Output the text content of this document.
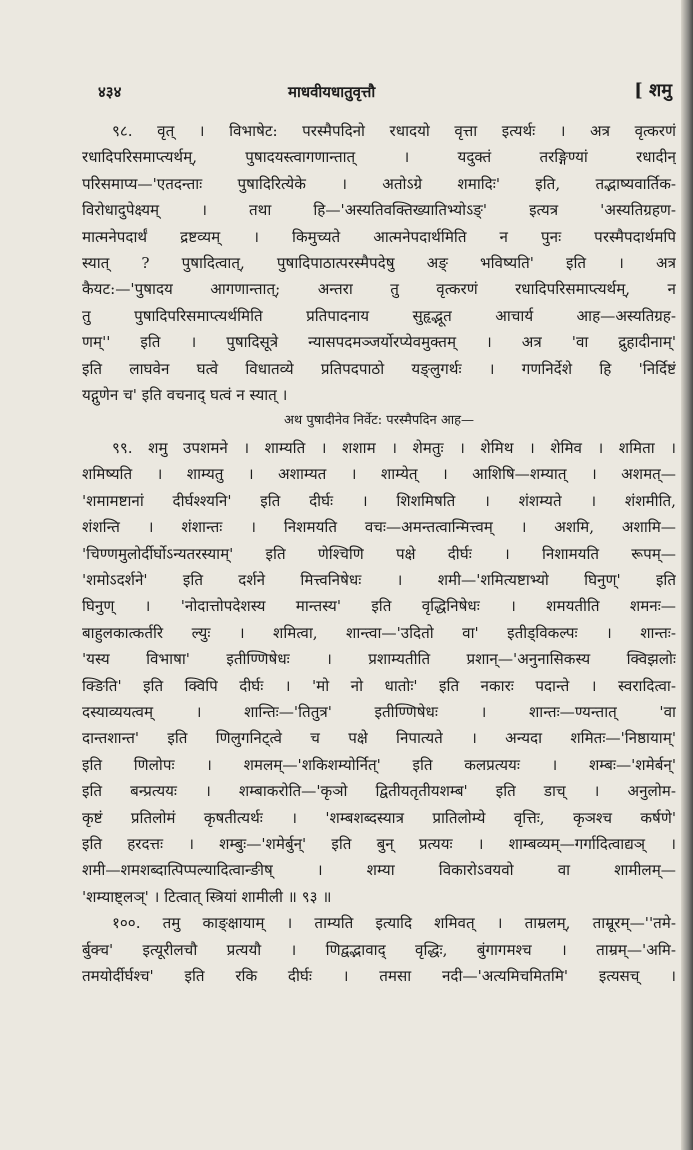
४३४	माधवीयधातुवृत्तौ	[ शमु
९८. वृत् । विभाषेट: परस्मैपदिनो रधादयो वृत्ता इत्यर्थः । अत्र वृत्करणं
रधादिपरिसमाप्त्यर्थम्, पुषादयस्त्वागणान्तात् । यदुक्तं तरङ्गिण्यां रधादीन्
परिसमाप्य—'एतदन्ताः पुषादिरित्येके । अतोऽग्रे शमादिः' इति, तद्भाष्यवार्तिक-
विरोधादुपेक्ष्यम् । तथा हि—'अस्यतिवक्तिख्यातिभ्योऽङ्' इत्यत्र 'अस्यतिग्रहण-
मात्मनेपदार्थं द्रष्टव्यम् । किमुच्यते आत्मनेपदार्थमिति न पुनः परस्मैपदार्थमपि
स्यात् ? पुषादित्वात्, पुषादिपाठात्परस्मैपदेषु अङ् भविष्यति' इति । अत्र
कैयट:—'पुषादय आगणान्तात्; अन्तरा तु वृत्करणं रधादिपरिसमाप्त्यर्थम्, न
तु पुषादिपरिसमाप्त्यर्थमिति प्रतिपादनाय सुहृद्भूत आचार्य आह—अस्यतिग्रह-
णम्'' इति । पुषादिसूत्रे न्यासपदमञ्जर्योरप्येवमुक्तम् । अत्र 'वा द्रुहादीनाम्'
इति लाघवेन घत्वे विधातव्ये प्रतिपदपाठो यङ्लुगर्थः । गणनिर्देशे हि 'निर्दिष्टं
यद्गुणेन च' इति वचनाद् घत्वं न स्यात् ।
अथ पुषादीनेव निर्वेट: परस्मैपदिन आह—
९९. शमु उपशमने । शाम्यति । शशाम । शेमतुः । शेमिथ । शेमिव । शमिता ।
शमिष्यति । शाम्यतु । अशाम्यत । शाम्येत् । आशिषि—शम्यात् । अशमत्—
'शमामष्टानां दीर्घश्श्यनि' इति दीर्घः । शिशमिषति । शंशम्यते । शंशमीति,
शंशन्ति । शंशान्तः । निशमयति वचः—अमन्तत्वान्मित्त्वम् । अशमि, अशामि—
'चिण्णमुलोर्दीर्घोऽन्यतरस्याम्' इति णेश्चिणि पक्षे दीर्घः । निशामयति रूपम्—
'शमोऽदर्शने' इति दर्शने मित्त्वनिषेधः । शमी—'शमित्यष्टाभ्यो घिनुण्' इति
घिनुण् । 'नोदात्तोपदेशस्य मान्तस्य' इति वृद्धिनिषेधः । शमयतीति शमनः—
बाहुलकात्कर्तरि ल्युः । शमित्वा, शान्त्वा—'उदितो वा' इतीड्विकल्पः । शान्तः-
'यस्य विभाषा' इतीण्णिषेधः । प्रशाम्यतीति प्रशान्—'अनुनासिकस्य क्विझलोः
क्ङिति' इति क्विपि दीर्घः । 'मो नो धातोः' इति नकारः पदान्ते । स्वरादित्वा-
दस्याव्ययत्वम् । शान्तिः—'तितुत्र' इतीण्णिषेधः । शान्तः—ण्यन्तात् 'वा
दान्तशान्त' इति णिलुगनिट्त्वे च पक्षे निपात्यते । अन्यदा शमितः—'निष्ठायाम्'
इति णिलोपः । शमलम्—'शकिशम्योर्नित्' इति कलप्रत्ययः । शम्बः—'शमेर्बन्'
इति बन्प्रत्ययः । शम्बाकरोति—'कृञो द्वितीयतृतीयशम्ब' इति डाच् । अनुलोम-
कृष्टं प्रतिलोमं कृषतीत्यर्थः । 'शम्बशब्दस्यात्र प्रातिलोम्ये वृत्तिः, कृञश्च कर्षणे'
इति हरदत्तः । शम्बुः—'शमेर्बुन्' इति बुन् प्रत्ययः । शाम्बव्यम्—गर्गादित्वाद्यञ् ।
शमी—शमशब्दात्पिप्पल्यादित्वान्ङीष् । शम्या विकारोऽवयवो वा शामीलम्—
'शम्याष्ट्लञ्' । टित्वात् स्त्रियां शामीली ॥ ९३ ॥
१००. तमु काङ्क्षायाम् । ताम्यति इत्यादि शमिवत् । ताम्रलम्, ताम्रूरम्—''तमे-
र्बुक्च' इत्यूरीलचौ प्रत्ययौ । णिद्वद्भावाद् वृद्धिः, बुंगागमश्च । ताम्रम्—'अमि-
तमयोर्दीर्घश्च' इति रकि दीर्घः । तमसा नदी—'अत्यमिचमितमि' इत्यसच् ।
